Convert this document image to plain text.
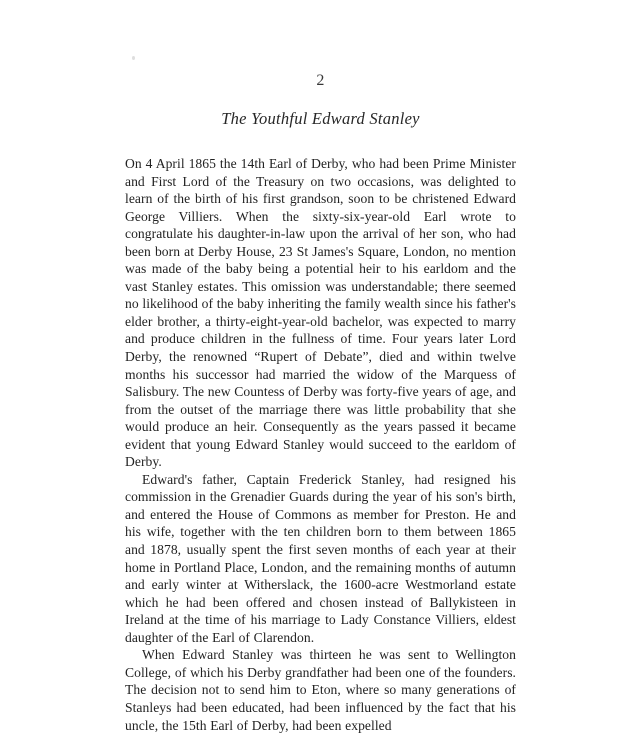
2
The Youthful Edward Stanley

On 4 April 1865 the 14th Earl of Derby, who had been Prime Minister and First Lord of the Treasury on two occasions, was delighted to learn of the birth of his first grandson, soon to be christened Edward George Villiers. When the sixty-six-year-old Earl wrote to congratulate his daughter-in-law upon the arrival of her son, who had been born at Derby House, 23 St James's Square, London, no mention was made of the baby being a potential heir to his earldom and the vast Stanley estates. This omission was understandable; there seemed no likelihood of the baby inheriting the family wealth since his father's elder brother, a thirty-eight-year-old bachelor, was expected to marry and produce children in the fullness of time. Four years later Lord Derby, the renowned “Rupert of Debate”, died and within twelve months his successor had married the widow of the Marquess of Salisbury. The new Countess of Derby was forty-five years of age, and from the outset of the marriage there was little probability that she would produce an heir. Consequently as the years passed it became evident that young Edward Stanley would succeed to the earldom of Derby.

Edward's father, Captain Frederick Stanley, had resigned his commission in the Grenadier Guards during the year of his son's birth, and entered the House of Commons as member for Preston. He and his wife, together with the ten children born to them between 1865 and 1878, usually spent the first seven months of each year at their home in Portland Place, London, and the remaining months of autumn and early winter at Witherslack, the 1600-acre Westmorland estate which he had been offered and chosen instead of Ballykisteen in Ireland at the time of his marriage to Lady Constance Villiers, eldest daughter of the Earl of Clarendon.

When Edward Stanley was thirteen he was sent to Wellington College, of which his Derby grandfather had been one of the founders. The decision not to send him to Eton, where so many generations of Stanleys had been educated, had been influenced by the fact that his uncle, the 15th Earl of Derby, had been expelled
